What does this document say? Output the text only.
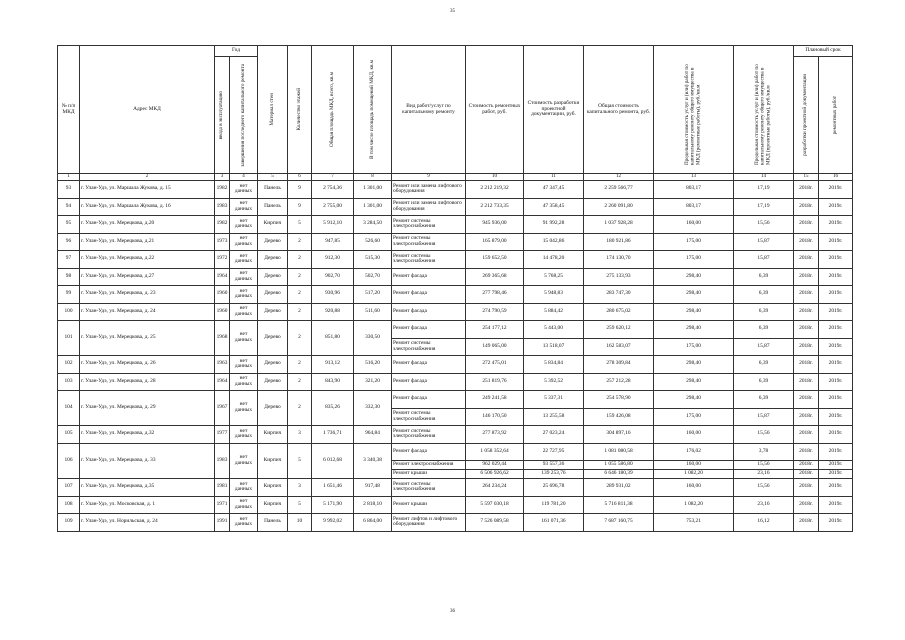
35
№ п/п МКД	Адрес МКД	Год		Материал стен	Количество этажей	Общая площадь МКД, всего, кв.м	В том числе площадь помещений МКД, кв.м	Вид работ/услуг по капитальному ремонту	Стоимость ремонтных работ, руб.	Стоимость разработки проектной документации, руб.	Общая стоимость капитального ремонта, руб.	Предельная стоимость услуг и (или) работ по капитальному ремонту общего имущества в МКД (ремонтные работы), руб./кв.м	Предельная стоимость услуг и (или) работ по капитальному ремонту общего имущества в МКД (проектные работы), руб./кв.м	Плановый срок	

		ввода в эксплуатацию	завершения последнего капитального ремонта											разработки проектной документации	ремонтных работ

1	2	3	4	5	6	7	8	9	10	11	12	13	14	15	16
93	г. Улан-Удэ, ул. Маршала Жукова, д. 15	1982	нет данных	Панель	9	2 754,36	1 301,00	Ремонт или замена лифтового оборудования	2 212 219,32	47 347,45	2 259 566,77	803,17	17,19	2018г.	2019г.
94	г. Улан-Удэ, ул. Маршала Жукова, д. 16	1983	нет данных	Панель	9	2 755,00	1 301,00	Ремонт или замена лифтового оборудования	2 212 733,35	47 358,45	2 260 091,80	803,17	17,19	2018г.	2019г.
95	г. Улан-Удэ, ул. Мерецкова, д.20	1982	нет данных	Кирпич	5	5 912,10	3 284,50	Ремонт системы электроснабжения	945 936,00	91 992,28	1 037 928,28	160,00	15,56	2018г.	2019г.
96	г. Улан-Удэ, ул. Мерецкова, д.21	1973	нет данных	Дерево	2	947,85	526,60	Ремонт системы электроснабжения	165 879,00	15 042,86	180 921,86	175,00	15,87	2018г.	2019г.
97	г. Улан-Удэ, ул. Мерецкова, д.22	1972	нет данных	Дерево	2	912,30	515,30	Ремонт системы электроснабжения	159 652,50	14 478,20	174 130,70	175,00	15,87	2018г.	2019г.
98	г. Улан-Удэ, ул. Мерецкова, д.27	1964	нет данных	Дерево	2	902,70	502,70	Ремонт фасада	269 365,68	5 768,25	275 133,93	298,40	6,39	2018г.	2019г.
99	г. Улан-Удэ, ул. Мерецкова, д. 23	1960	нет данных	Дерево	2	930,96	517,20	Ремонт фасада	277 798,46	5 948,83	283 747,30	298,40	6,39	2018г.	2019г.
100	г. Улан-Удэ, ул. Мерецкова, д. 24	1960	нет данных	Дерево	2	920,88	511,60	Ремонт фасада	274 790,59	5 884,42	280 675,02	298,40	6,39	2018г.	2019г.
101	г. Улан-Удэ, ул. Мерецкова, д. 25	1968	нет данных	Дерево	2	851,80	330,50	Ремонт фасада	254 177,12	5 443,00	259 620,12	298,40	6,39	2018г.	2019г.
								Ремонт системы электроснабжения	149 065,00	13 518,07	162 583,07	175,00	15,87	2018г.	2019г.
102	г. Улан-Удэ, ул. Мерецкова, д. 26	1963	нет данных	Дерево	2	913,12	516,20	Ремонт фасада	272 475,01	5 834,84	278 309,84	298,40	6,39	2018г.	2019г.
103	г. Улан-Удэ, ул. Мерецкова, д. 28	1964	нет данных	Дерево	2	843,90	321,20	Ремонт фасада	251 819,76	5 392,52	257 212,28	298,40	6,39	2018г.	2019г.
104	г. Улан-Удэ, ул. Мерецкова, д. 29	1967	нет данных	Дерево	2	835,26	332,30	Ремонт фасада	249 241,58	5 337,31	254 578,90	298,40	6,39	2018г.	2019г.
								Ремонт системы электроснабжения	146 170,50	13 255,58	159 426,08	175,00	15,87	2018г.	2019г.
105	г. Улан-Удэ, ул. Мерецкова, д.32	1977	нет данных	Кирпич	3	1 736,71	964,84	Ремонт системы электроснабжения	277 873,92	27 023,24	304 897,16	160,00	15,56	2018г.	2019г.
106	г. Улан-Удэ, ул. Мерецкова, д. 33	1983	нет данных	Кирпич	5	6 012,68	3 340,38	Ремонт фасада	1 058 352,64	22 727,95	1 081 080,58	176,02	3,78	2018г.	2019г.
								Ремонт электроснабжения	962 029,44	93 557,36	1 055 586,80	160,00	15,56	2018г.	2019г.
								Ремонт крыши	6 506 926,62	139 253,76	6 646 180,39	1 082,20	23,16	2018г.	2019г.
107	г. Улан-Удэ, ул. Мерецкова, д.35	1981	нет данных	Кирпич	3	1 651,46	917,48	Ремонт системы электроснабжения	264 234,24	25 696,78	289 931,02	160,00	15,56	2018г.	2019г.
108	г. Улан-Удэ, ул. Московская, д. 1	1971	нет данных	Кирпич	5	5 171,90	2 818,10	Ремонт крыши	5 597 030,18	119 781,20	5 716 811,38	1 082,20	23,16	2018г.	2019г.
109	г. Улан-Удэ, ул. Норильская, д. 24	1991	нет данных	Панель	10	9 992,02	6 864,00	Ремонт лифтов и лифтового оборудования	7 526 089,58	161 071,36	7 687 160,75	753,21	16,12	2018г.	2019г.
36
